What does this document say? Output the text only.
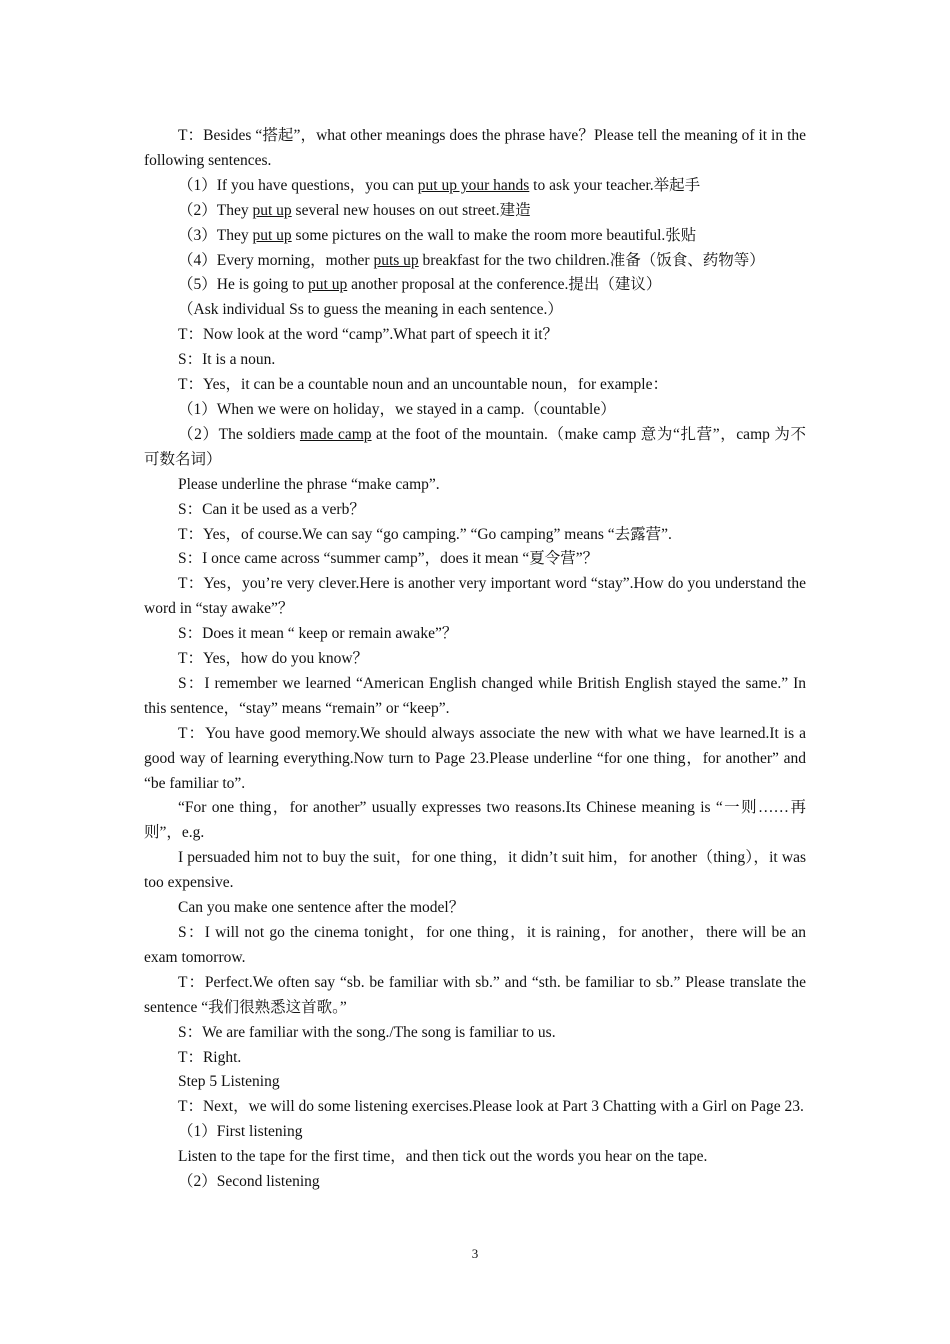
T：Besides “搭起”，what other meanings does the phrase have？Please tell the meaning of it in the following sentences.

（1）If you have questions，you can put up your hands to ask your teacher.举起手

（2）They put up several new houses on out street.建造

（3）They put up some pictures on the wall to make the room more beautiful.张贴

（4）Every morning，mother puts up breakfast for the two children.准备（饭食、药物等）

（5）He is going to put up another proposal at the conference.提出（建议）

（Ask individual Ss to guess the meaning in each sentence.）

T：Now look at the word “camp”.What part of speech it it？

S：It is a noun.

T：Yes，it can be a countable noun and an uncountable noun，for example：

（1）When we were on holiday，we stayed in a camp.（countable）

（2）The soldiers made camp at the foot of the mountain.（make camp 意为“扎营”，camp 为不可数名词）

Please underline the phrase “make camp”.

S：Can it be used as a verb？

T：Yes，of course.We can say “go camping.” “Go camping” means “去露营”.

S：I once came across “summer camp”，does it mean “夏令营”？

T：Yes，you’re very clever.Here is another very important word “stay”.How do you understand the word in “stay awake”？

S：Does it mean “ keep or remain awake”？

T：Yes，how do you know？

S：I remember we learned “American English changed while British English stayed the same.” In this sentence，“stay” means “remain” or “keep”.

T：You have good memory.We should always associate the new with what we have learned.It is a good way of learning everything.Now turn to Page 23.Please underline “for one thing，for another” and “be familiar to”.

“For one thing，for another” usually expresses two reasons.Its Chinese meaning is “一则……再则”，e.g.

I persuaded him not to buy the suit，for one thing，it didn’t suit him，for another（thing），it was too expensive.

Can you make one sentence after the model？

S：I will not go the cinema tonight，for one thing，it is raining，for another，there will be an exam tomorrow.

T：Perfect.We often say “sb. be familiar with sb.” and “sth. be familiar to sb.” Please translate the sentence “我们很熟悉这首歌。”

S：We are familiar with the song./The song is familiar to us.

T：Right.

Step 5 Listening

T：Next，we will do some listening exercises.Please look at Part 3 Chatting with a Girl on Page 23.

（1）First listening

Listen to the tape for the first time，and then tick out the words you hear on the tape.

（2）Second listening

3
